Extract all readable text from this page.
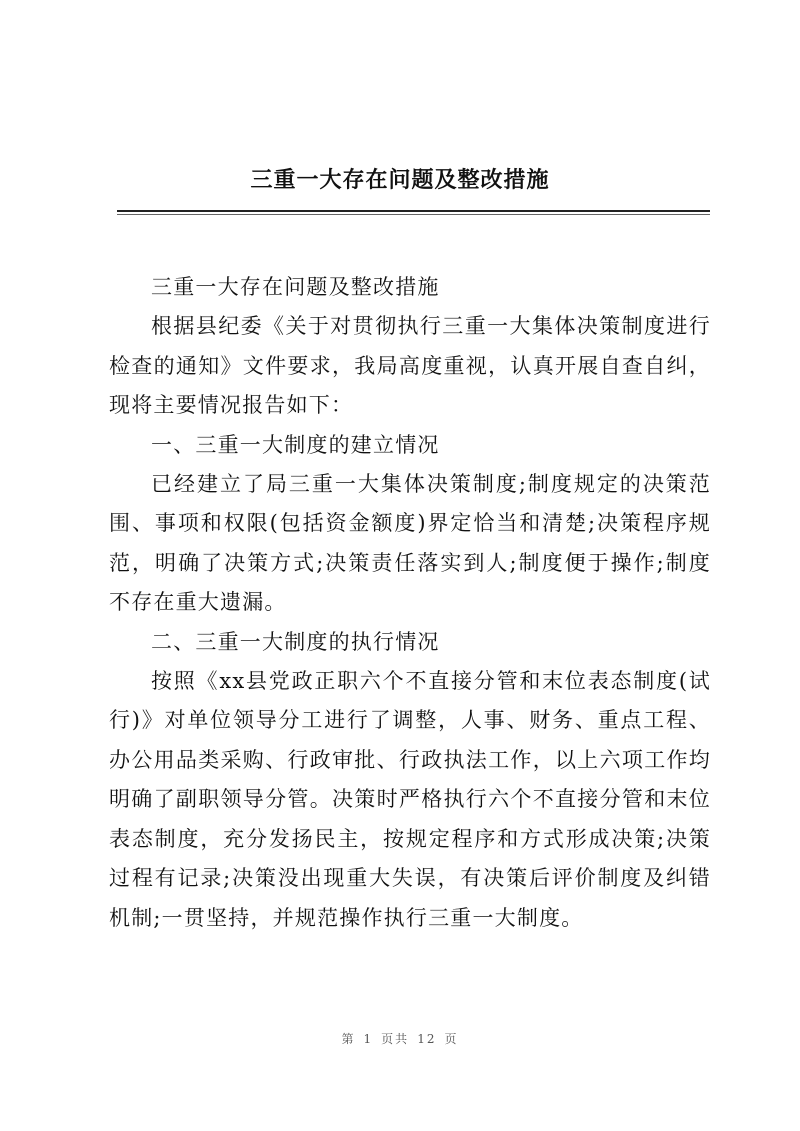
三重一大存在问题及整改措施

三重一大存在问题及整改措施

根据县纪委《关于对贯彻执行三重一大集体决策制度进行检查的通知》文件要求，我局高度重视，认真开展自查自纠，现将主要情况报告如下：

一、三重一大制度的建立情况

已经建立了局三重一大集体决策制度;制度规定的决策范围、事项和权限(包括资金额度)界定恰当和清楚;决策程序规范，明确了决策方式;决策责任落实到人;制度便于操作;制度不存在重大遗漏。

二、三重一大制度的执行情况

按照《xx县党政正职六个不直接分管和末位表态制度(试行)》对单位领导分工进行了调整，人事、财务、重点工程、办公用品类采购、行政审批、行政执法工作，以上六项工作均明确了副职领导分管。决策时严格执行六个不直接分管和末位表态制度，充分发扬民主，按规定程序和方式形成决策;决策过程有记录;决策没出现重大失误，有决策后评价制度及纠错机制;一贯坚持，并规范操作执行三重一大制度。

第 1 页共 12 页
